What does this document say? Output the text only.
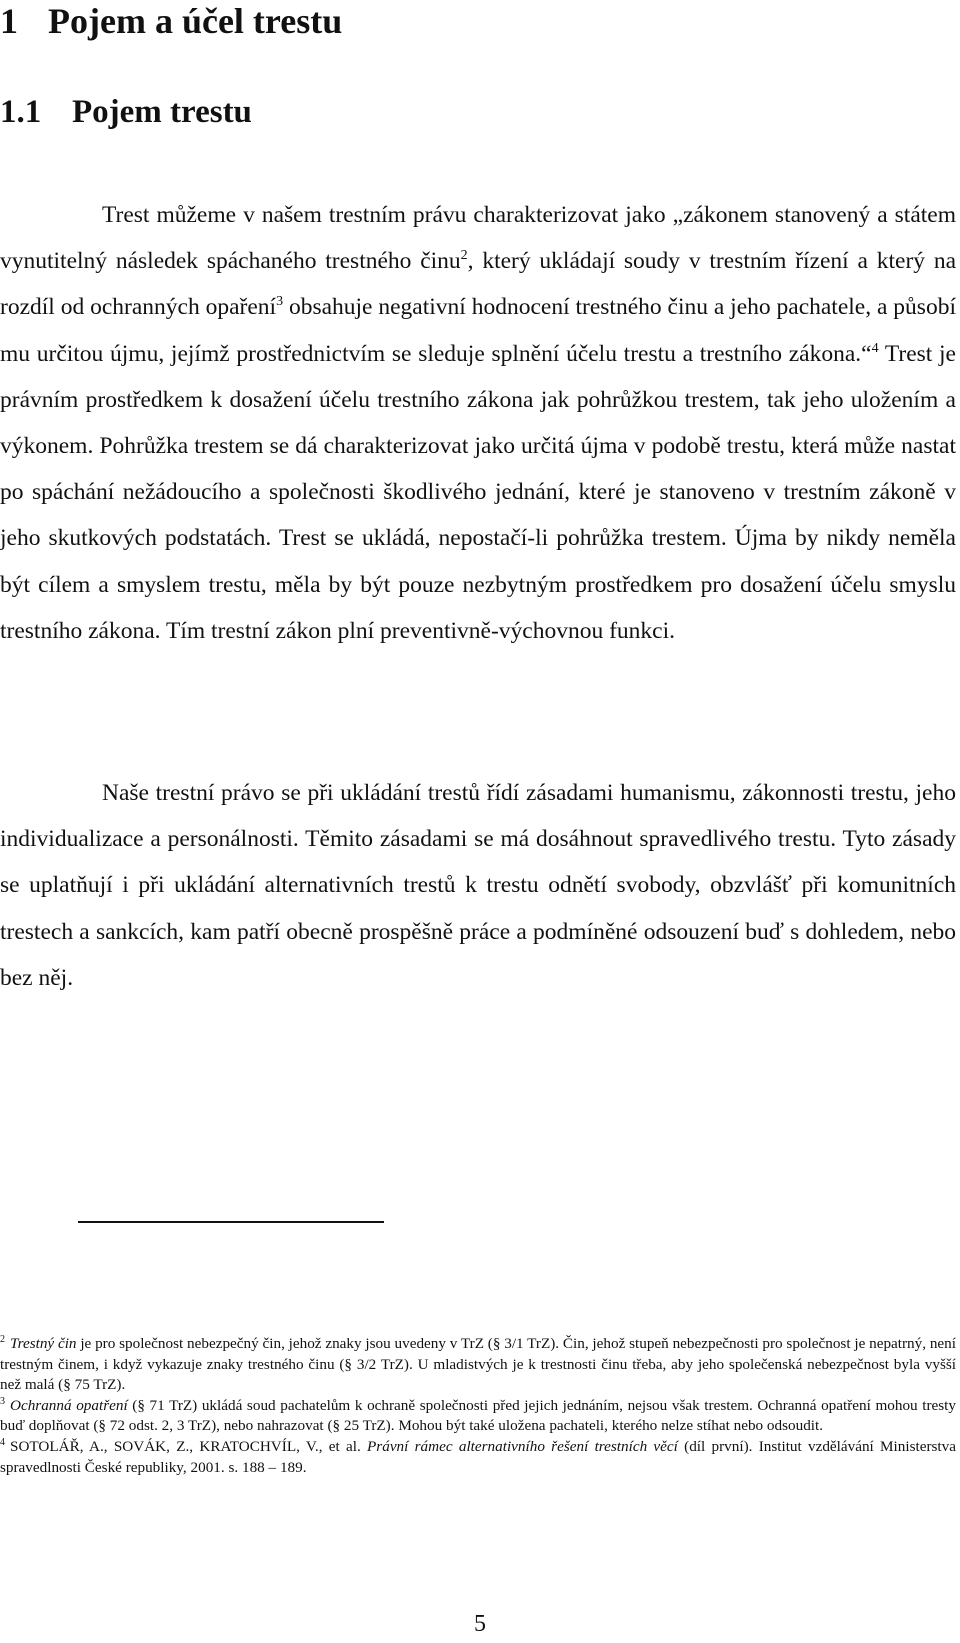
1 Pojem a účel trestu
1.1 Pojem trestu

Trest můžeme v našem trestním právu charakterizovat jako „zákonem stanovený a státem vynutitelný následek spáchaného trestného činu$^2$, který ukládají soudy v trestním řízení a který na rozdíl od ochranných opaření$^3$ obsahuje negativní hodnocení trestného činu a jeho pachatele, a působí mu určitou újmu, jejímž prostřednictvím se sleduje splnění účelu trestu a trestního zákona.“$^4$ Trest je právním prostředkem k dosažení účelu trestního zákona jak pohrůžkou trestem, tak jeho uložením a výkonem. Pohrůžka trestem se dá charakterizovat jako určitá újma v podobě trestu, která může nastat po spáchání nežádoucího a společnosti škodlivého jednání, které je stanoveno v trestním zákoně v jeho skutkových podstatách. Trest se ukládá, nepostačí-li pohrůžka trestem. Újma by nikdy neměla být cílem a smyslem trestu, měla by být pouze nezbytným prostředkem pro dosažení účelu smyslu trestního zákona. Tím trestní zákon plní preventivně-výchovnou funkci.

Naše trestní právo se při ukládání trestů řídí zásadami humanismu, zákonnosti trestu, jeho individualizace a personálnosti. Těmito zásadami se má dosáhnout spravedlivého trestu. Tyto zásady se uplatňují i při ukládání alternativních trestů k trestu odnětí svobody, obzvlášť při komunitních trestech a sankcích, kam patří obecně prospěšně práce a podmíněné odsouzení buď s dohledem, nebo bez něj.

$^2$ Trestný čin je pro společnost nebezpečný čin, jehož znaky jsou uvedeny v TrZ (§ 3/1 TrZ). Čin, jehož stupeň nebezpečnosti pro společnost je nepatrný, není trestným činem, i když vykazuje znaky trestného činu (§ 3/2 TrZ). U mladistvých je k trestnosti činu třeba, aby jeho společenská nebezpečnost byla vyšší než malá (§ 75 TrZ).

$^3$ Ochranná opatření (§ 71 TrZ) ukládá soud pachatelům k ochraně společnosti před jejich jednáním, nejsou však trestem. Ochranná opatření mohou tresty buď doplňovat (§ 72 odst. 2, 3 TrZ), nebo nahrazovat (§ 25 TrZ). Mohou být také uložena pachateli, kterého nelze stíhat nebo odsoudit.

$^4$ SOTOLÁŘ, A., SOVÁK, Z., KRATOCHVÍL, V., et al. Právní rámec alternativního řešení trestních věcí (díl první). Institut vzdělávání Ministerstva spravedlnosti České republiky, 2001. s. 188 – 189.

5
